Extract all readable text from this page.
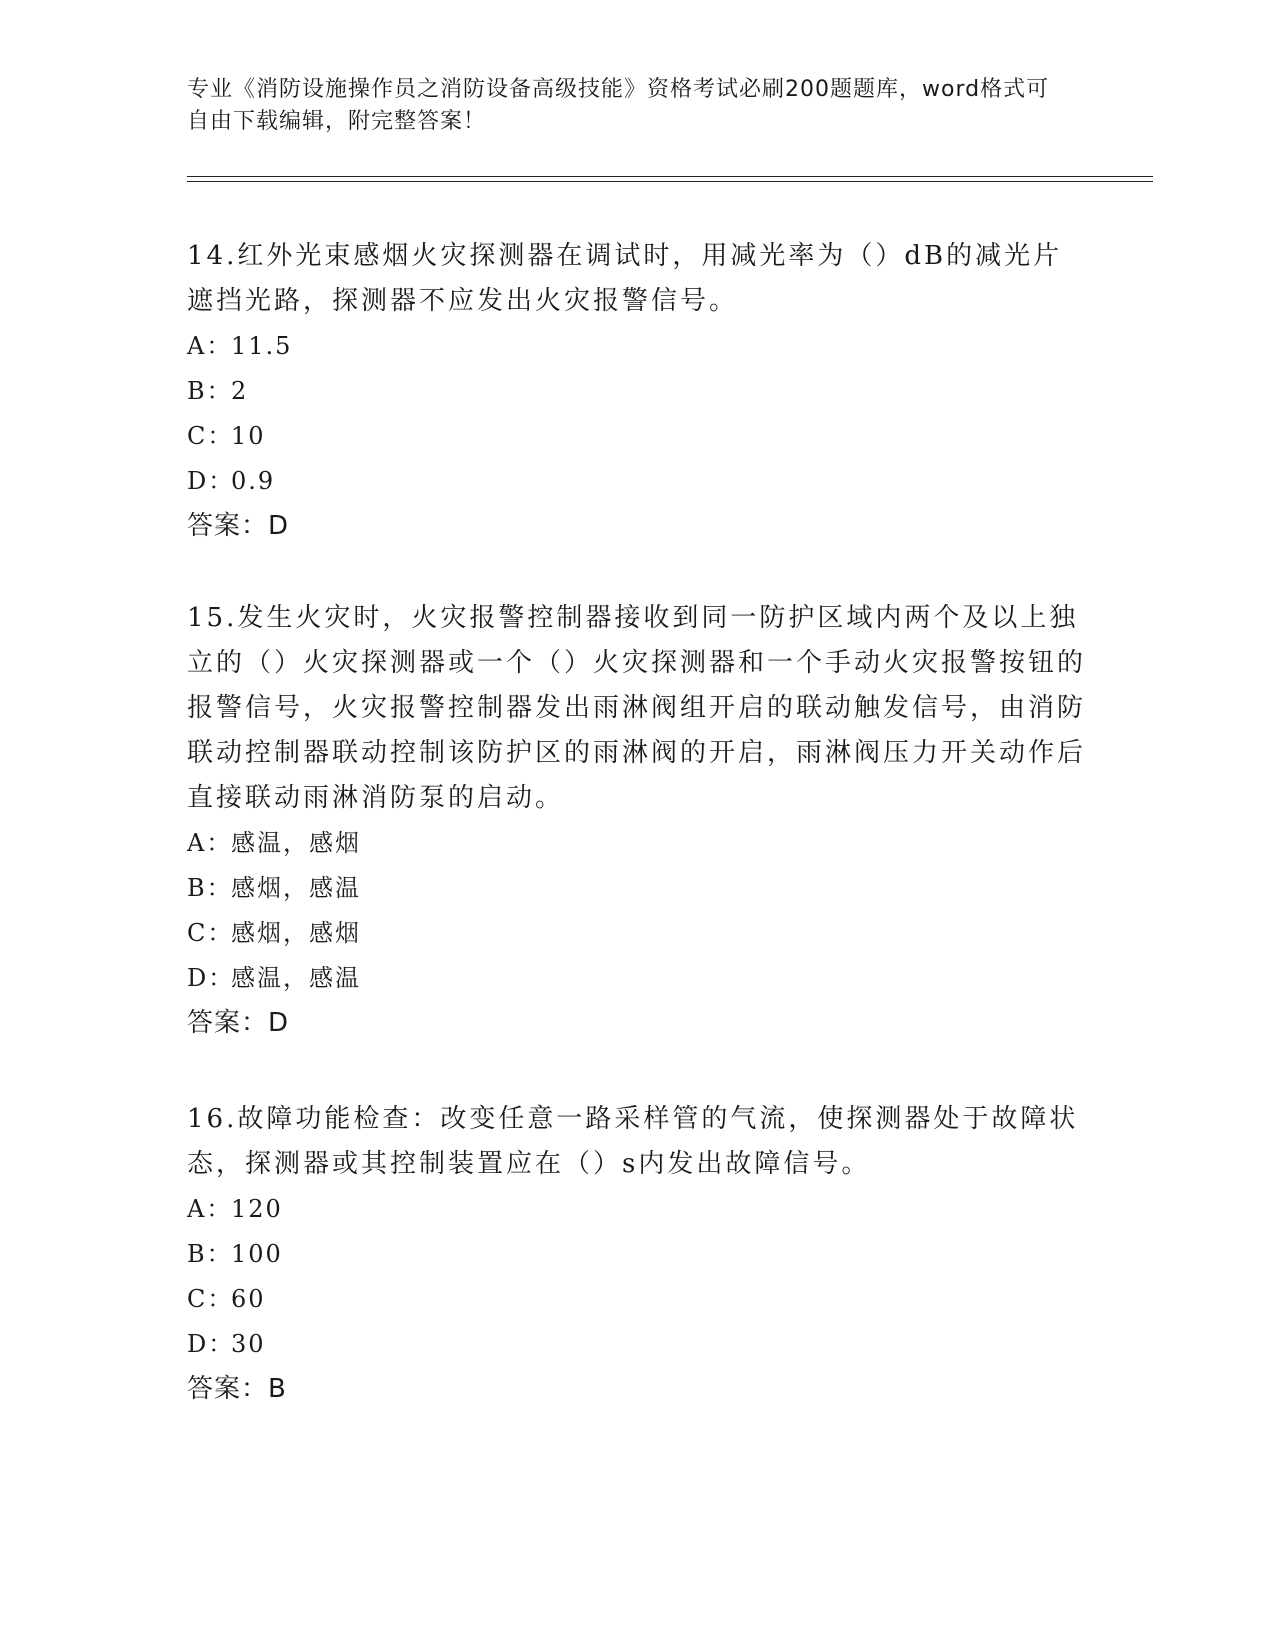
专业《消防设施操作员之消防设备高级技能》资格考试必刷200题题库，word格式可自由下载编辑，附完整答案！

14.红外光束感烟火灾探测器在调试时，用减光率为（）dB的减光片遮挡光路，探测器不应发出火灾报警信号。

A：
11.5
B：
2
C：
10
D：
0.9
答案：D

15.发生火灾时，火灾报警控制器接收到同一防护区域内两个及以上独立的（）火灾探测器或一个（）火灾探测器和一个手动火灾报警按钮的报警信号，火灾报警控制器发出雨淋阀组开启的联动触发信号，由消防联动控制器联动控制该防护区的雨淋阀的开启，雨淋阀压力开关动作后直接联动雨淋消防泵的启动。

A：
感温，感烟
B：
感烟，感温
C：
感烟，感烟
D：
感温，感温
答案：D

16.故障功能检查：改变任意一路采样管的气流，使探测器处于故障状态，探测器或其控制装置应在（）s内发出故障信号。

A：
120
B：
100
C：
60
D：
30
答案：B
